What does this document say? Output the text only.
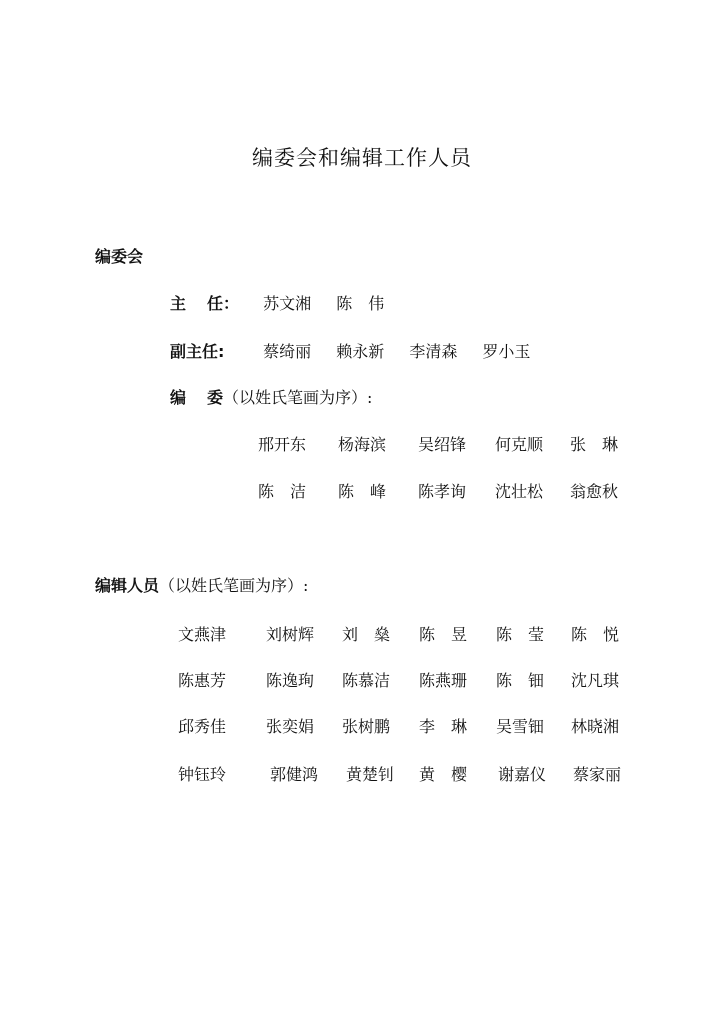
编委会和编辑工作人员
编委会
主 任： 苏文湘 陈　伟
副主任: 蔡绮丽 赖永新 李清森 罗小玉
编 委（以姓氏笔画为序）:
邢开东 杨海滨 吴绍锋 何克顺 张　琳
陈　洁 陈　峰 陈孝询 沈壮松 翁愈秋
编辑人员（以姓氏笔画为序）:
文燕津 刘树辉 刘　燊 陈　昱 陈　莹 陈　悦
陈惠芳 陈逸珣 陈慕洁 陈燕珊 陈　钿 沈凡琪
邱秀佳 张奕娟 张树鹏 李　琳 吴雪钿 林晓湘
钟钰玲	郭健鸿 黄楚钊 黄　樱 谢嘉仪 蔡家丽
